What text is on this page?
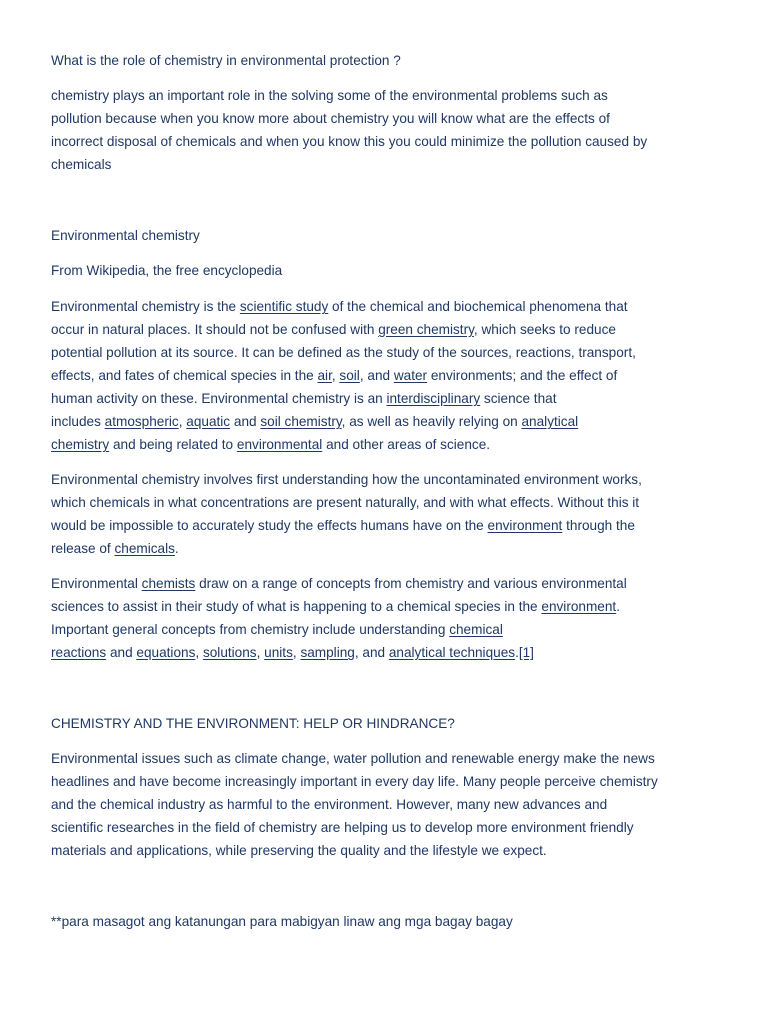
What is the role of chemistry in environmental protection ?
chemistry plays an important role in the solving some of the environmental problems such as
pollution because when you know more about chemistry you will know what are the effects of
incorrect disposal of chemicals and when you know this you could minimize the pollution caused by
chemicals
Environmental chemistry
From Wikipedia, the free encyclopedia
Environmental chemistry is the scientific study of the chemical and biochemical phenomena that
occur in natural places. It should not be confused with green chemistry, which seeks to reduce
potential pollution at its source. It can be defined as the study of the sources, reactions, transport,
effects, and fates of chemical species in the air, soil, and water environments; and the effect of
human activity on these. Environmental chemistry is an interdisciplinary science that
includes atmospheric, aquatic and soil chemistry, as well as heavily relying on analytical
chemistry and being related to environmental and other areas of science.
Environmental chemistry involves first understanding how the uncontaminated environment works,
which chemicals in what concentrations are present naturally, and with what effects. Without this it
would be impossible to accurately study the effects humans have on the environment through the
release of chemicals.
Environmental chemists draw on a range of concepts from chemistry and various environmental
sciences to assist in their study of what is happening to a chemical species in the environment.
Important general concepts from chemistry include understanding chemical
reactions and equations, solutions, units, sampling, and analytical techniques.[1]
CHEMISTRY AND THE ENVIRONMENT: HELP OR HINDRANCE?
Environmental issues such as climate change, water pollution and renewable energy make the news
headlines and have become increasingly important in every day life. Many people perceive chemistry
and the chemical industry as harmful to the environment. However, many new advances and
scientific researches in the field of chemistry are helping us to develop more environment friendly
materials and applications, while preserving the quality and the lifestyle we expect.
**para masagot ang katanungan para mabigyan linaw ang mga bagay bagay
